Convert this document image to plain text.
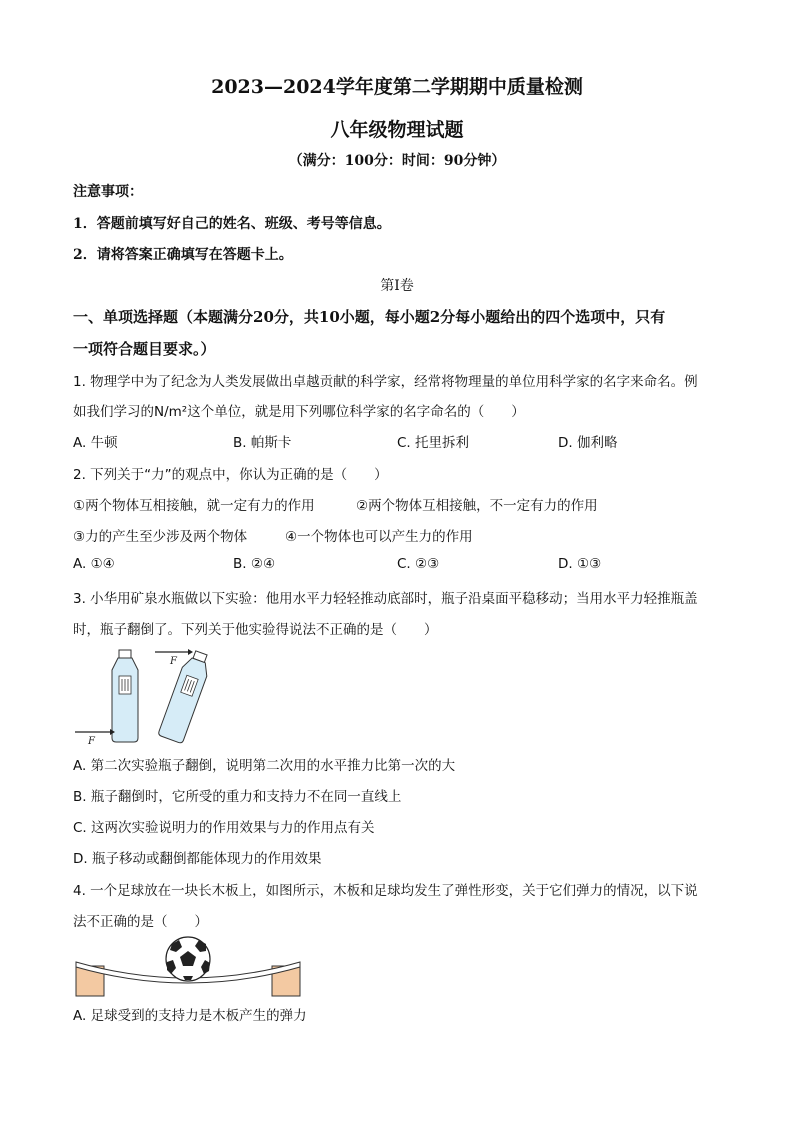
2023—2024学年度第二学期期中质量检测
八年级物理试题
（满分：100分：时间：90分钟）
注意事项：
1．答题前填写好自己的姓名、班级、考号等信息。
2．请将答案正确填写在答题卡上。
第I卷
一、单项选择题（本题满分20分，共10小题，每小题2分每小题给出的四个选项中，只有
一项符合题目要求。）
1. 物理学中为了纪念为人类发展做出卓越贡献的科学家，经常将物理量的单位用科学家的名字来命名。例
如我们学习的N/m²这个单位，就是用下列哪位科学家的名字命名的（　　）
A. 牛顿	B. 帕斯卡	C. 托里拆利	D. 伽利略
2. 下列关于“力”的观点中，你认为正确的是（　　）
①两个物体互相接触，就一定有力的作用	②两个物体互相接触，不一定有力的作用
③力的产生至少涉及两个物体	④一个物体也可以产生力的作用
A. ①④	B. ②④	C. ②③	D. ①③
3. 小华用矿泉水瓶做以下实验：他用水平力轻轻推动底部时，瓶子沿桌面平稳移动；当用水平力轻推瓶盖
时，瓶子翻倒了。下列关于他实验得说法不正确的是（　　）
F
F
A. 第二次实验瓶子翻倒，说明第二次用的水平推力比第一次的大
B. 瓶子翻倒时，它所受的重力和支持力不在同一直线上
C. 这两次实验说明力的作用效果与力的作用点有关
D. 瓶子移动或翻倒都能体现力的作用效果
4. 一个足球放在一块长木板上，如图所示，木板和足球均发生了弹性形变，关于它们弹力的情况，以下说
法不正确的是（　　）
A. 足球受到的支持力是木板产生的弹力
